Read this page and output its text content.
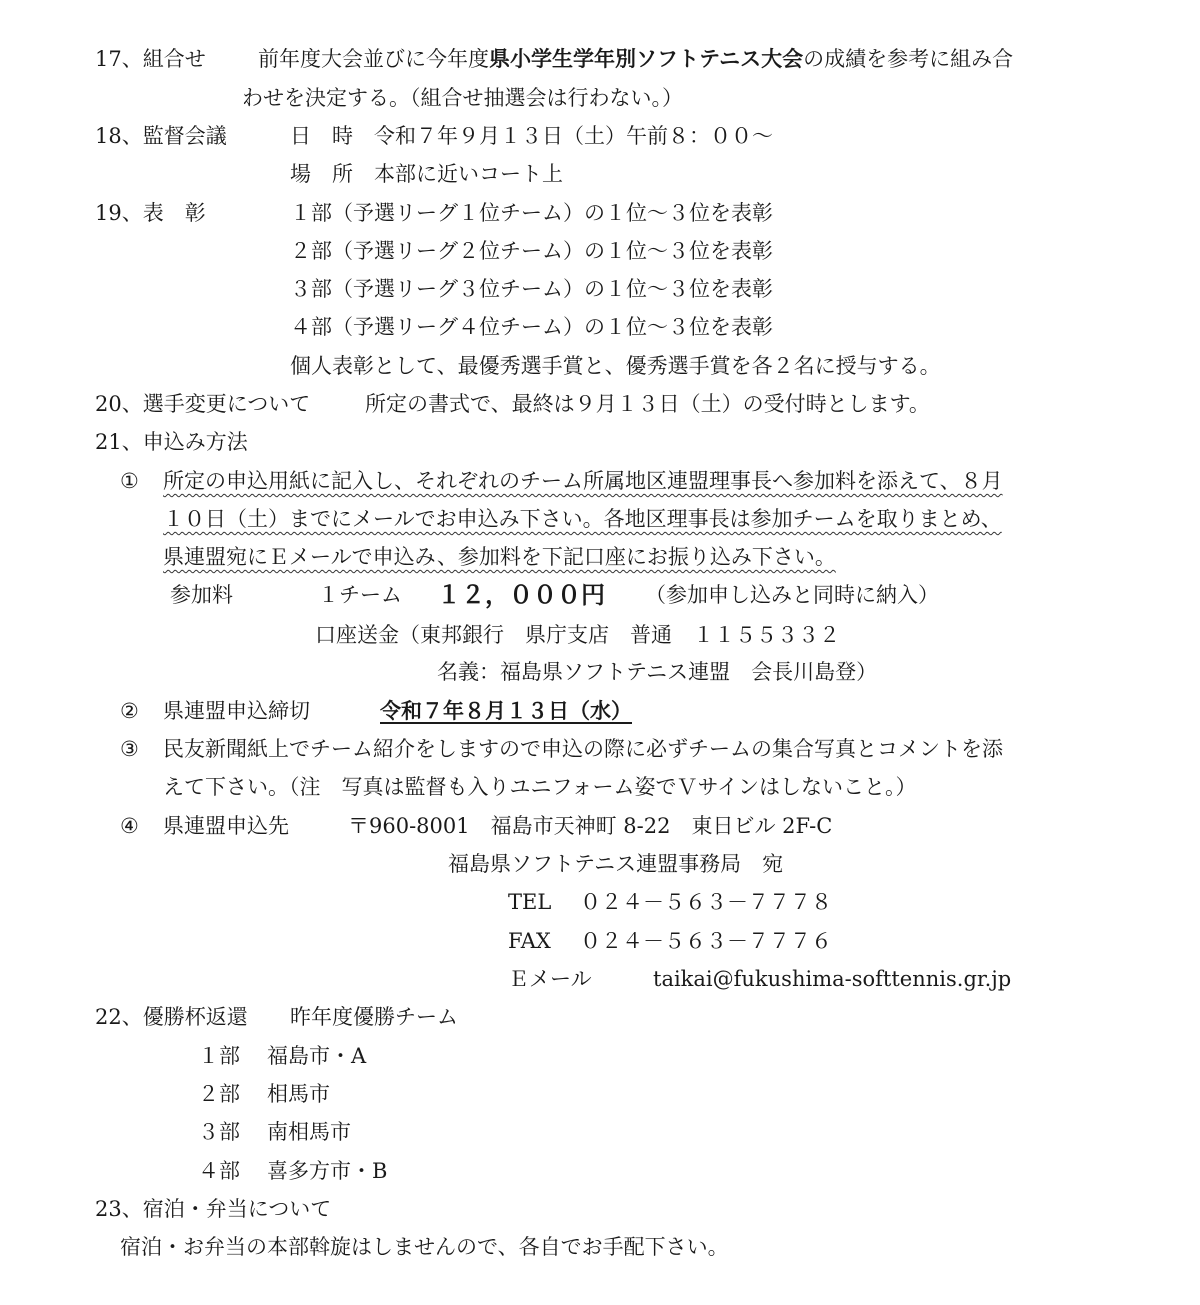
17、組合せ 前年度大会並びに今年度県小学生学年別ソフトテニス大会の成績を参考に組み合
わせを決定する。（組合せ抽選会は行わない。）
18、監督会議	日　時　令和７年９月１３日（土）午前８：００～
場　所　本部に近いコート上
19、表　彰	１部（予選リーグ１位チーム）の１位～３位を表彰
２部（予選リーグ２位チーム）の１位～３位を表彰
３部（予選リーグ３位チーム）の１位～３位を表彰
４部（予選リーグ４位チーム）の１位～３位を表彰
個人表彰として、最優秀選手賞と、優秀選手賞を各２名に授与する。
20、選手変更について	所定の書式で、最終は９月１３日（土）の受付時とします。
21、申込み方法
① 所定の申込用紙に記入し、それぞれのチーム所属地区連盟理事長へ参加料を添えて、８月
１０日（土）までにメールでお申込み下さい。各地区理事長は参加チームを取りまとめ、
県連盟宛にＥメールで申込み、参加料を下記口座にお振り込み下さい。
参加料	１チーム １２，０００円 （参加申し込みと同時に納入）
口座送金（東邦銀行　県庁支店　普通　１１５５３３２
名義：福島県ソフトテニス連盟　会長川島登）
② 県連盟申込締切	令和７年８月１３日（水）
③ 民友新聞紙上でチーム紹介をしますので申込の際に必ずチームの集合写真とコメントを添
えて下さい。（注　写真は監督も入りユニフォーム姿でＶサインはしないこと。）
④ 県連盟申込先	〒960-8001　福島市天神町 8-22　東日ビル 2F-C
福島県ソフトテニス連盟事務局　宛
TEL ０２４－５６３－７７７８
FAX ０２４－５６３－７７７６
Ｅメール	taikai@fukushima-softtennis.gr.jp
22、優勝杯返還 昨年度優勝チーム
１部 福島市・A
２部 相馬市
３部 南相馬市
４部 喜多方市・B
23、宿泊・弁当について
宿泊・お弁当の本部斡旋はしませんので、各自でお手配下さい。
